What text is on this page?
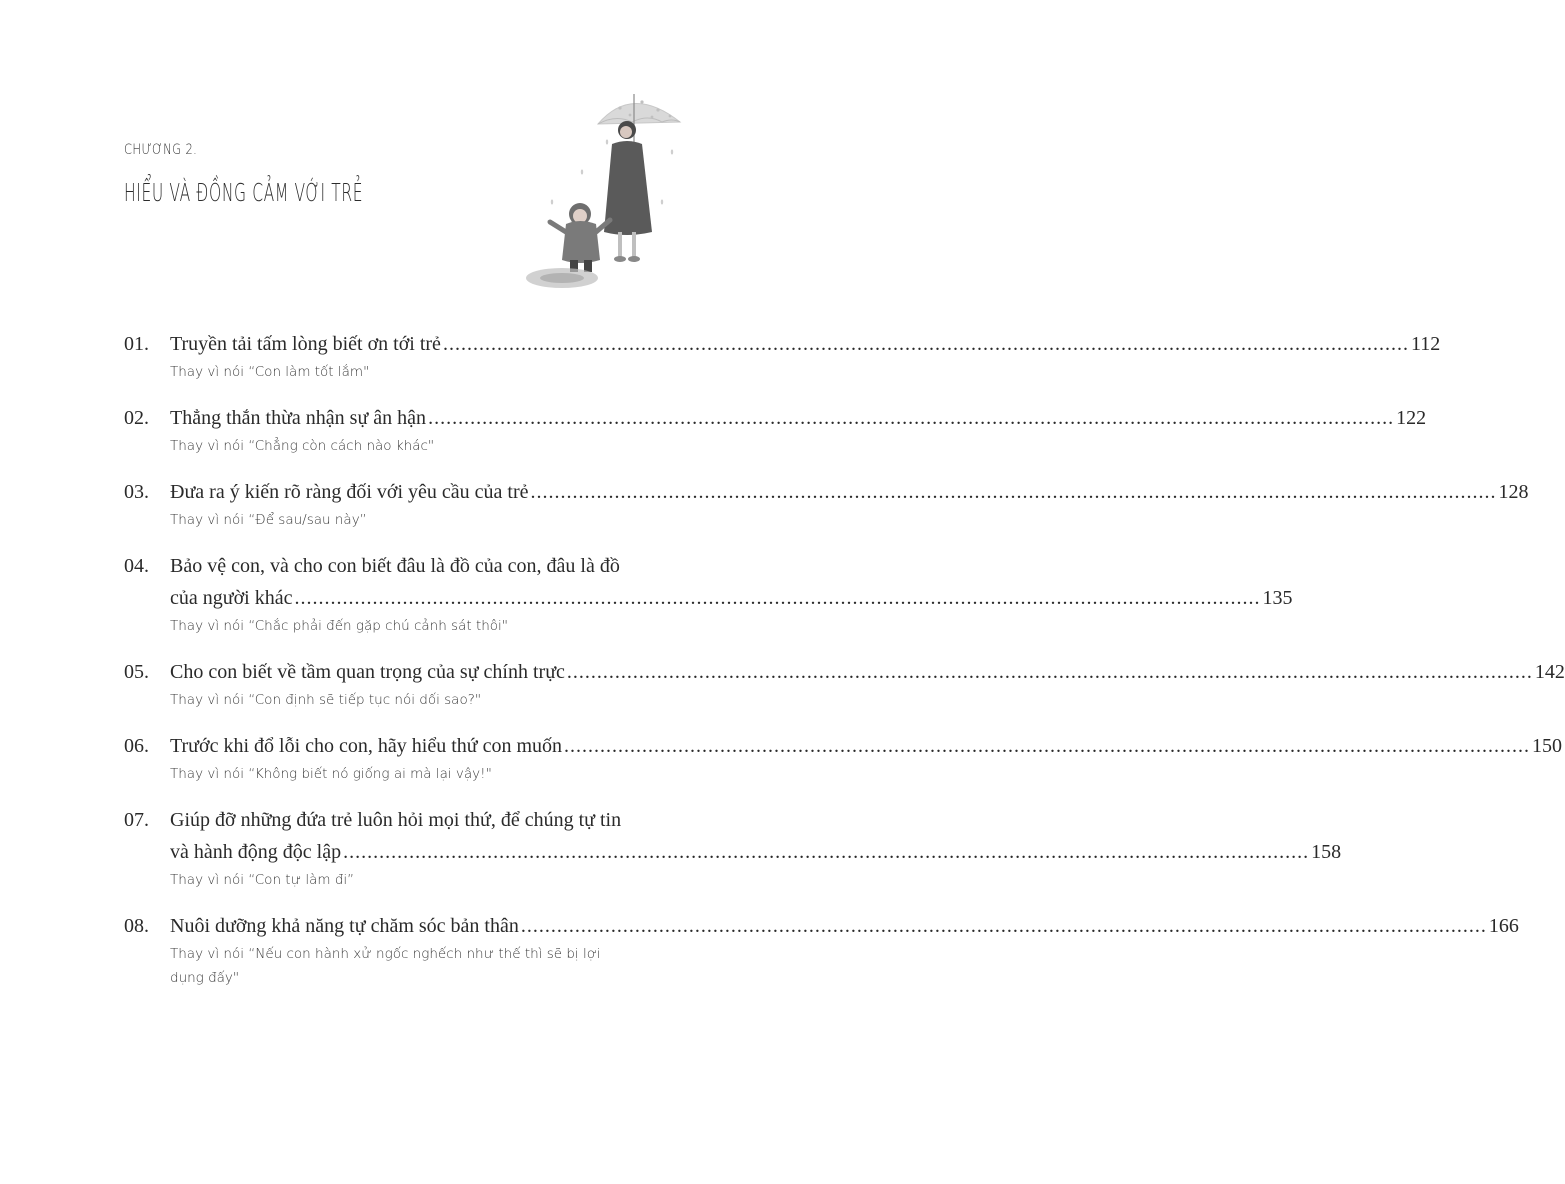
CHƯƠNG 2.
HIỂU VÀ ĐỒNG CẢM VỚI TRẺ
01.	Truyền tải tấm lòng biết ơn tới trẻ .....	112
Thay vì nói “Con làm tốt lắm"
02.	Thẳng thắn thừa nhận sự ân hận .....	122
Thay vì nói “Chẳng còn cách nào khác"
03.	Đưa ra ý kiến rõ ràng đối với yêu cầu của trẻ .....	128
Thay vì nói “Để sau/sau này”
04.	Bảo vệ con, và cho con biết đâu là đồ của con, đâu là đồ
của người khác .....	135
Thay vì nói “Chắc phải đến gặp chú cảnh sát thôi"
05.	Cho con biết về tầm quan trọng của sự chính trực .....	142
Thay vì nói “Con định sẽ tiếp tục nói dối sao?"
06.	Trước khi đổ lỗi cho con, hãy hiểu thứ con muốn .....	150
Thay vì nói “Không biết nó giống ai mà lại vậy!"
07.	Giúp đỡ những đứa trẻ luôn hỏi mọi thứ, để chúng tự tin
và hành động độc lập .....	158
Thay vì nói “Con tự làm đi”
08.	Nuôi dưỡng khả năng tự chăm sóc bản thân .....	166
Thay vì nói “Nếu con hành xử ngốc nghếch như thế thì sẽ bị lợi
dụng đấy"
